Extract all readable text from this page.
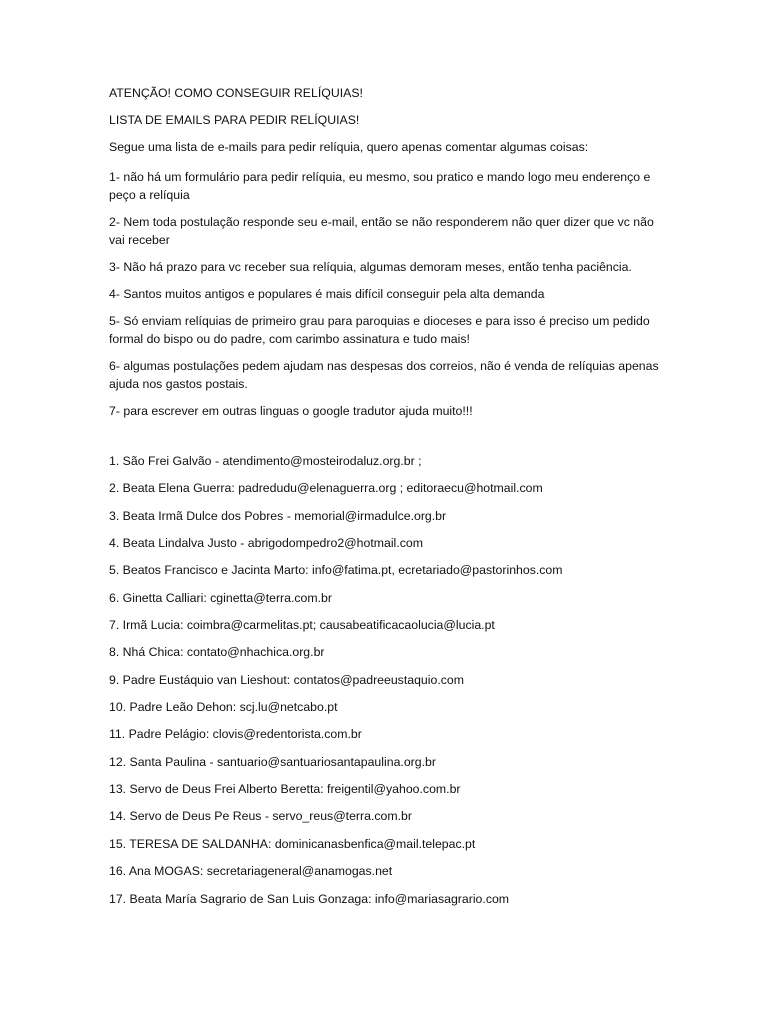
ATENÇÃO! COMO CONSEGUIR RELÍQUIAS!

LISTA DE EMAILS PARA PEDIR RELÍQUIAS!

Segue uma lista de e-mails para pedir relíquia, quero apenas comentar algumas coisas:

1- não há um formulário para pedir relíquia, eu mesmo, sou pratico e mando logo meu enderenço e peço a relíquia

2- Nem toda postulação responde seu e-mail, então se não responderem não quer dizer que vc não vai receber

3- Não há prazo para vc receber sua relíquia, algumas demoram meses, então tenha paciência.

4- Santos muitos antigos e populares é mais difícil conseguir pela alta demanda

5- Só enviam relíquias de primeiro grau para paroquias e dioceses e para isso é preciso um pedido formal do bispo ou do padre, com carimbo assinatura e tudo mais!

6- algumas postulações pedem ajudam nas despesas dos correios, não é venda de relíquias apenas ajuda nos gastos postais.

7- para escrever em outras linguas o google tradutor ajuda muito!!!

1. São Frei Galvão - atendimento@mosteirodaluz.org.br ;

2. Beata Elena Guerra: padredudu@elenaguerra.org ; editoraecu@hotmail.com

3. Beata Irmã Dulce dos Pobres - memorial@irmadulce.org.br

4. Beata Lindalva Justo - abrigodompedro2@hotmail.com

5. Beatos Francisco e Jacinta Marto: info@fatima.pt, ecretariado@pastorinhos.com

6. Ginetta Calliari: cginetta@terra.com.br

7. Irmã Lucia: coimbra@carmelitas.pt; causabeatificacaolucia@lucia.pt

8. Nhá Chica: contato@nhachica.org.br

9. Padre Eustáquio van Lieshout: contatos@padreeustaquio.com

10. Padre Leão Dehon: scj.lu@netcabo.pt

11. Padre Pelágio: clovis@redentorista.com.br

12. Santa Paulina - santuario@santuariosantapaulina.org.br

13. Servo de Deus Frei Alberto Beretta: freigentil@yahoo.com.br

14. Servo de Deus Pe Reus - servo_reus@terra.com.br

15. TERESA DE SALDANHA: dominicanasbenfica@mail.telepac.pt

16. Ana MOGAS: secretariageneral@anamogas.net

17. Beata María Sagrario de San Luis Gonzaga: info@mariasagrario.com
